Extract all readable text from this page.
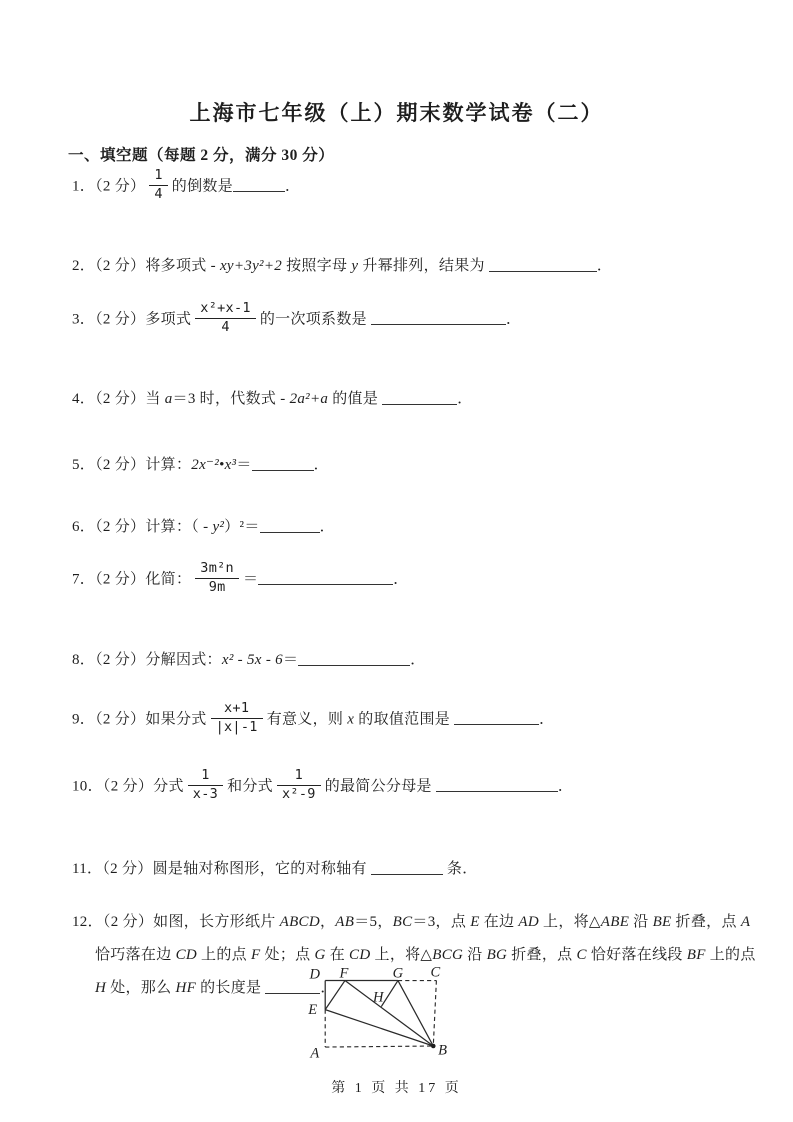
上海市七年级（上）期末数学试卷（二）
一、填空题（每题 2 分，满分 30 分）
1．（2 分） $\frac{1}{4}$ 的倒数是	．
2．（2 分）将多项式 - xy+3y²+2 按照字母 y 升幂排列，结果为	．
3．（2 分）多项式 $\frac{\text{x²+x-1}}{4}$ 的一次项系数是	．
4．（2 分）当 a＝3 时，代数式 - 2a²+a 的值是	．
5．（2 分）计算：2x⁻²•x³＝	．
6．（2 分）计算：（ - y²）²＝	．
7．（2 分）化简： $\frac{\text{3m²n}}{9m}$ ＝	．
8．（2 分）分解因式：x² - 5x - 6＝	．
9．（2 分）如果分式 $\frac{x+1}{|x|-1}$ 有意义，则 x 的取值范围是	．
10．（2 分）分式 $\frac{1}{x-3}$ 和分式 $\frac{1}{\text{x²-9}}$ 的最简公分母是	．
11．（2 分）圆是轴对称图形，它的对称轴有	条．
12．（2 分）如图，长方形纸片 ABCD，AB＝5，BC＝3，点 E 在边 AD 上，将△ABE 沿 BE 折叠，点 A 恰巧落在边 CD 上的点 F 处；点 G 在 CD 上，将△BCG 沿 BG 折叠，点 C 恰好落在线段 BF 上的点 H 处，那么 HF 的长度是	．
D F	G C
E
A	B
H
第 1 页 共 17 页
